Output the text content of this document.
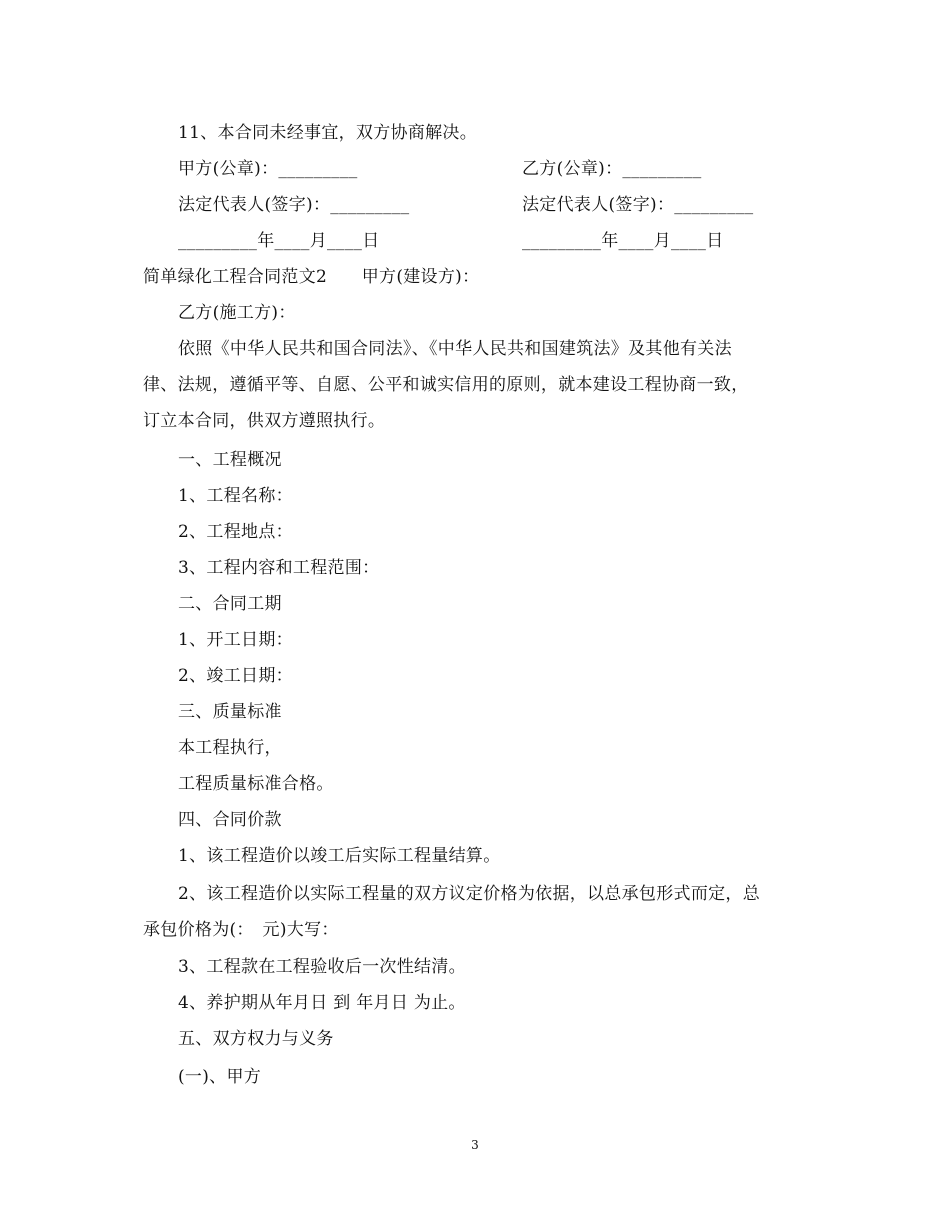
11、本合同未经事宜，双方协商解决。
甲方(公章)：_________	乙方(公章)：_________
法定代表人(签字)：_________	法定代表人(签字)：_________
_________年____月____日	_________年____月____日
简单绿化工程合同范文2　　甲方(建设方)：
乙方(施工方)：
依照《中华人民共和国合同法》、《中华人民共和国建筑法》及其他有关法
律、法规，遵循平等、自愿、公平和诚实信用的原则，就本建设工程协商一致，
订立本合同，供双方遵照执行。
一、工程概况
1、工程名称：
2、工程地点：
3、工程内容和工程范围：
二、合同工期
1、开工日期：
2、竣工日期：
三、质量标准
本工程执行，
工程质量标准合格。
四、合同价款
1、该工程造价以竣工后实际工程量结算。
2、该工程造价以实际工程量的双方议定价格为依据，以总承包形式而定，总
承包价格为(：　元)大写：
3、工程款在工程验收后一次性结清。
4、养护期从年月日 到 年月日 为止。
五、双方权力与义务
(一)、甲方
3
